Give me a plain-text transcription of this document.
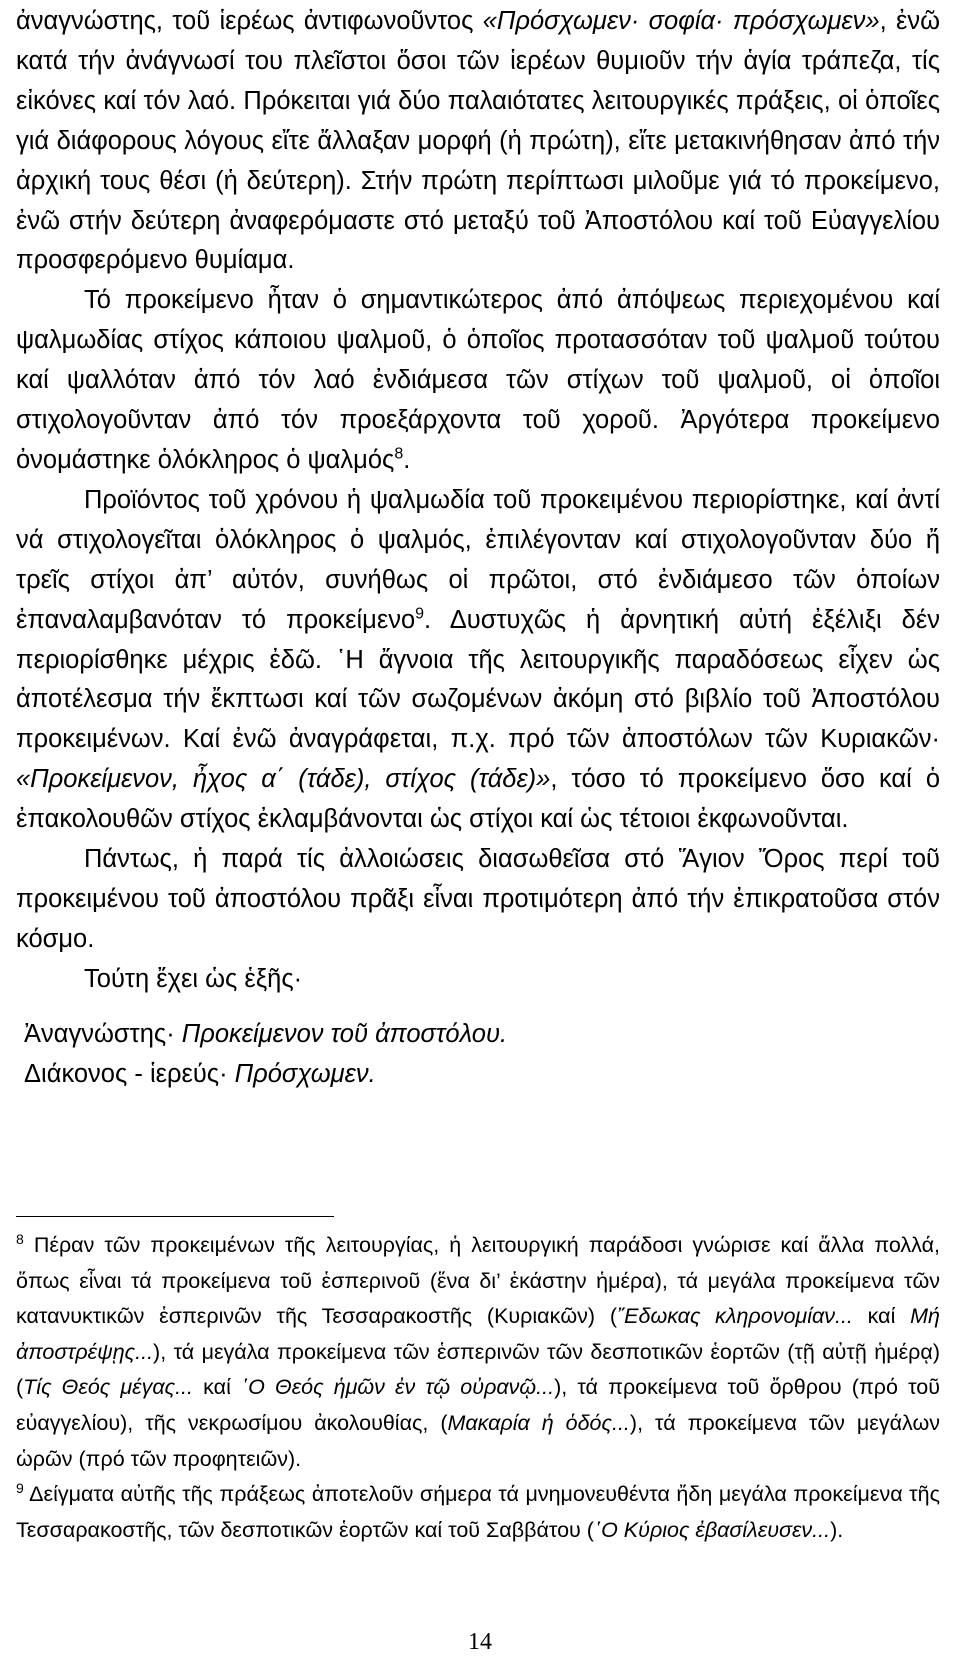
ἀναγνώστης, τοῦ ἱερέως ἀντιφωνοῦντος «Πρόσχωμεν· σοφία· πρόσχωμεν», ἐνῶ κατά τήν ἀνάγνωσί του πλεῖστοι ὅσοι τῶν ἱερέων θυμιοῦν τήν ἁγία τράπεζα, τίς εἰκόνες καί τόν λαό. Πρόκειται γιά δύο παλαιότατες λειτουργικές πράξεις, οἱ ὁποῖες γιά διάφορους λόγους εἴτε ἄλλαξαν μορφή (ἡ πρώτη), εἴτε μετακινήθησαν ἀπό τήν ἀρχική τους θέσι (ἡ δεύτερη). Στήν πρώτη περίπτωσι μιλοῦμε γιά τό προκείμενο, ἐνῶ στήν δεύτερη ἀναφερόμαστε στό μεταξύ τοῦ Ἀποστόλου καί τοῦ Εὐαγγελίου προσφερόμενο θυμίαμα.

Τό προκείμενο ἦταν ὁ σημαντικώτερος ἀπό ἀπόψεως περιεχομένου καί ψαλμωδίας στίχος κάποιου ψαλμοῦ, ὁ ὁποῖος προτασσόταν τοῦ ψαλμοῦ τούτου καί ψαλλόταν ἀπό τόν λαό ἐνδιάμεσα τῶν στίχων τοῦ ψαλμοῦ, οἱ ὁποῖοι στιχολογοῦνταν ἀπό τόν προεξάρχοντα τοῦ χοροῦ. Ἀργότερα προκείμενο ὀνομάστηκε ὁλόκληρος ὁ ψαλμός$^8$.

Προϊόντος τοῦ χρόνου ἡ ψαλμωδία τοῦ προκειμένου περιορίστηκε, καί ἀντί νά στιχολογεῖται ὁλόκληρος ὁ ψαλμός, ἐπιλέγονταν καί στιχολογοῦνταν δύο ἤ τρεῖς στίχοι ἀπ’ αὐτόν, συνήθως οἱ πρῶτοι, στό ἐνδιάμεσο τῶν ὁποίων ἐπαναλαμβανόταν τό προκείμενο$^9$. Δυστυχῶς ἡ ἀρνητική αὐτή ἐξέλιξι δέν περιορίσθηκε μέχρις ἐδῶ. ῾Η ἄγνοια τῆς λειτουργικῆς παραδόσεως εἶχεν ὡς ἀποτέλεσμα τήν ἔκπτωσι καί τῶν σωζομένων ἀκόμη στό βιβλίο τοῦ Ἀποστόλου προκειμένων. Καί ἐνῶ ἀναγράφεται, π.χ. πρό τῶν ἀποστόλων τῶν Κυριακῶν· «Προκείμενον, ἦχος α΄ (τάδε), στίχος (τάδε)», τόσο τό προκείμενο ὅσο καί ὁ ἐπακολουθῶν στίχος ἐκλαμβάνονται ὡς στίχοι καί ὡς τέτοιοι ἐκφωνοῦνται.

Πάντως, ἡ παρά τίς ἀλλοιώσεις διασωθεῖσα στό Ἅγιον Ὄρος περί τοῦ προκειμένου τοῦ ἀποστόλου πρᾶξι εἶναι προτιμότερη ἀπό τήν ἐπικρατοῦσα στόν κόσμο.

Τούτη ἔχει ὡς ἑξῆς·

Ἀναγνώστης· Προκείμενον τοῦ ἀποστόλου.

Διάκονος - ἱερεύς· Πρόσχωμεν.

$^8$ Πέραν τῶν προκειμένων τῆς λειτουργίας, ἡ λειτουργική παράδοσι γνώρισε καί ἄλλα πολλά, ὅπως εἶναι τά προκείμενα τοῦ ἑσπερινοῦ (ἕνα δι’ ἑκάστην ἡμέρα), τά μεγάλα προκείμενα τῶν κατανυκτικῶν ἑσπερινῶν τῆς Τεσσαρακοστῆς (Κυριακῶν) (῎Εδωκας κληρονομίαν... καί Μή ἀποστρέψῃς...), τά μεγάλα προκείμενα τῶν ἑσπερινῶν τῶν δεσποτικῶν ἑορτῶν (τῇ αὐτῇ ἡμέρᾳ) (Τίς Θεός μέγας... καί ῾Ο Θεός ἡμῶν ἐν τῷ οὐρανῷ...), τά προκείμενα τοῦ ὄρθρου (πρό τοῦ εὐαγγελίου), τῆς νεκρωσίμου ἀκολουθίας, (Μακαρία ἡ ὁδός...), τά προκείμενα τῶν μεγάλων ὡρῶν (πρό τῶν προφητειῶν).

$^9$ Δείγματα αὐτῆς τῆς πράξεως ἀποτελοῦν σήμερα τά μνημονευθέντα ἤδη μεγάλα προκείμενα τῆς Τεσσαρακοστῆς, τῶν δεσποτικῶν ἑορτῶν καί τοῦ Σαββάτου (῾Ο Κύριος ἐβασίλευσεν...).

14
